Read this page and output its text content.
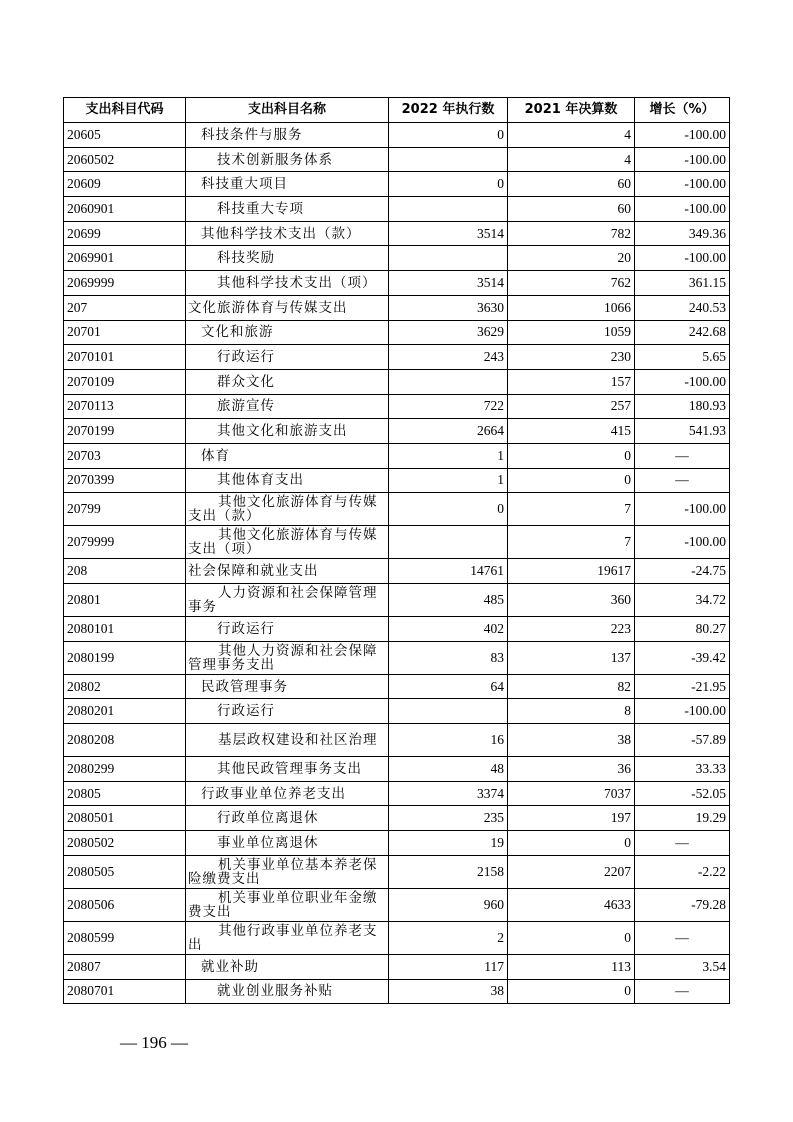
支出科目代码	支出科目名称	2022 年执行数	2021 年决算数	增长（%）
20605	科技条件与服务	0	4	-100.00
2060502	技术创新服务体系		4	-100.00
20609	科技重大项目	0	60	-100.00
2060901	科技重大专项		60	-100.00
20699	其他科学技术支出（款）	3514	782	349.36
2069901	科技奖励		20	-100.00
2069999	其他科学技术支出（项）	3514	762	361.15
207	文化旅游体育与传媒支出	3630	1066	240.53
20701	文化和旅游	3629	1059	242.68
2070101	行政运行	243	230	5.65
2070109	群众文化		157	-100.00
2070113	旅游宣传	722	257	180.93
2070199	其他文化和旅游支出	2664	415	541.93
20703	体育	1	0	—
2070399	其他体育支出	1	0	—
20799	其他文化旅游体育与传媒支出（款）	0	7	-100.00
2079999	其他文化旅游体育与传媒支出（项）		7	-100.00
208	社会保障和就业支出	14761	19617	-24.75
20801	人力资源和社会保障管理事务	485	360	34.72
2080101	行政运行	402	223	80.27
2080199	其他人力资源和社会保障管理事务支出	83	137	-39.42
20802	民政管理事务	64	82	-21.95
2080201	行政运行		8	-100.00
2080208	基层政权建设和社区治理	16	38	-57.89
2080299	其他民政管理事务支出	48	36	33.33
20805	行政事业单位养老支出	3374	7037	-52.05
2080501	行政单位离退休	235	197	19.29
2080502	事业单位离退休	19	0	—
2080505	机关事业单位基本养老保险缴费支出	2158	2207	-2.22
2080506	机关事业单位职业年金缴费支出	960	4633	-79.28
2080599	其他行政事业单位养老支出	2	0	—
20807	就业补助	117	113	3.54
2080701	就业创业服务补贴	38	0	—
— 196 —
